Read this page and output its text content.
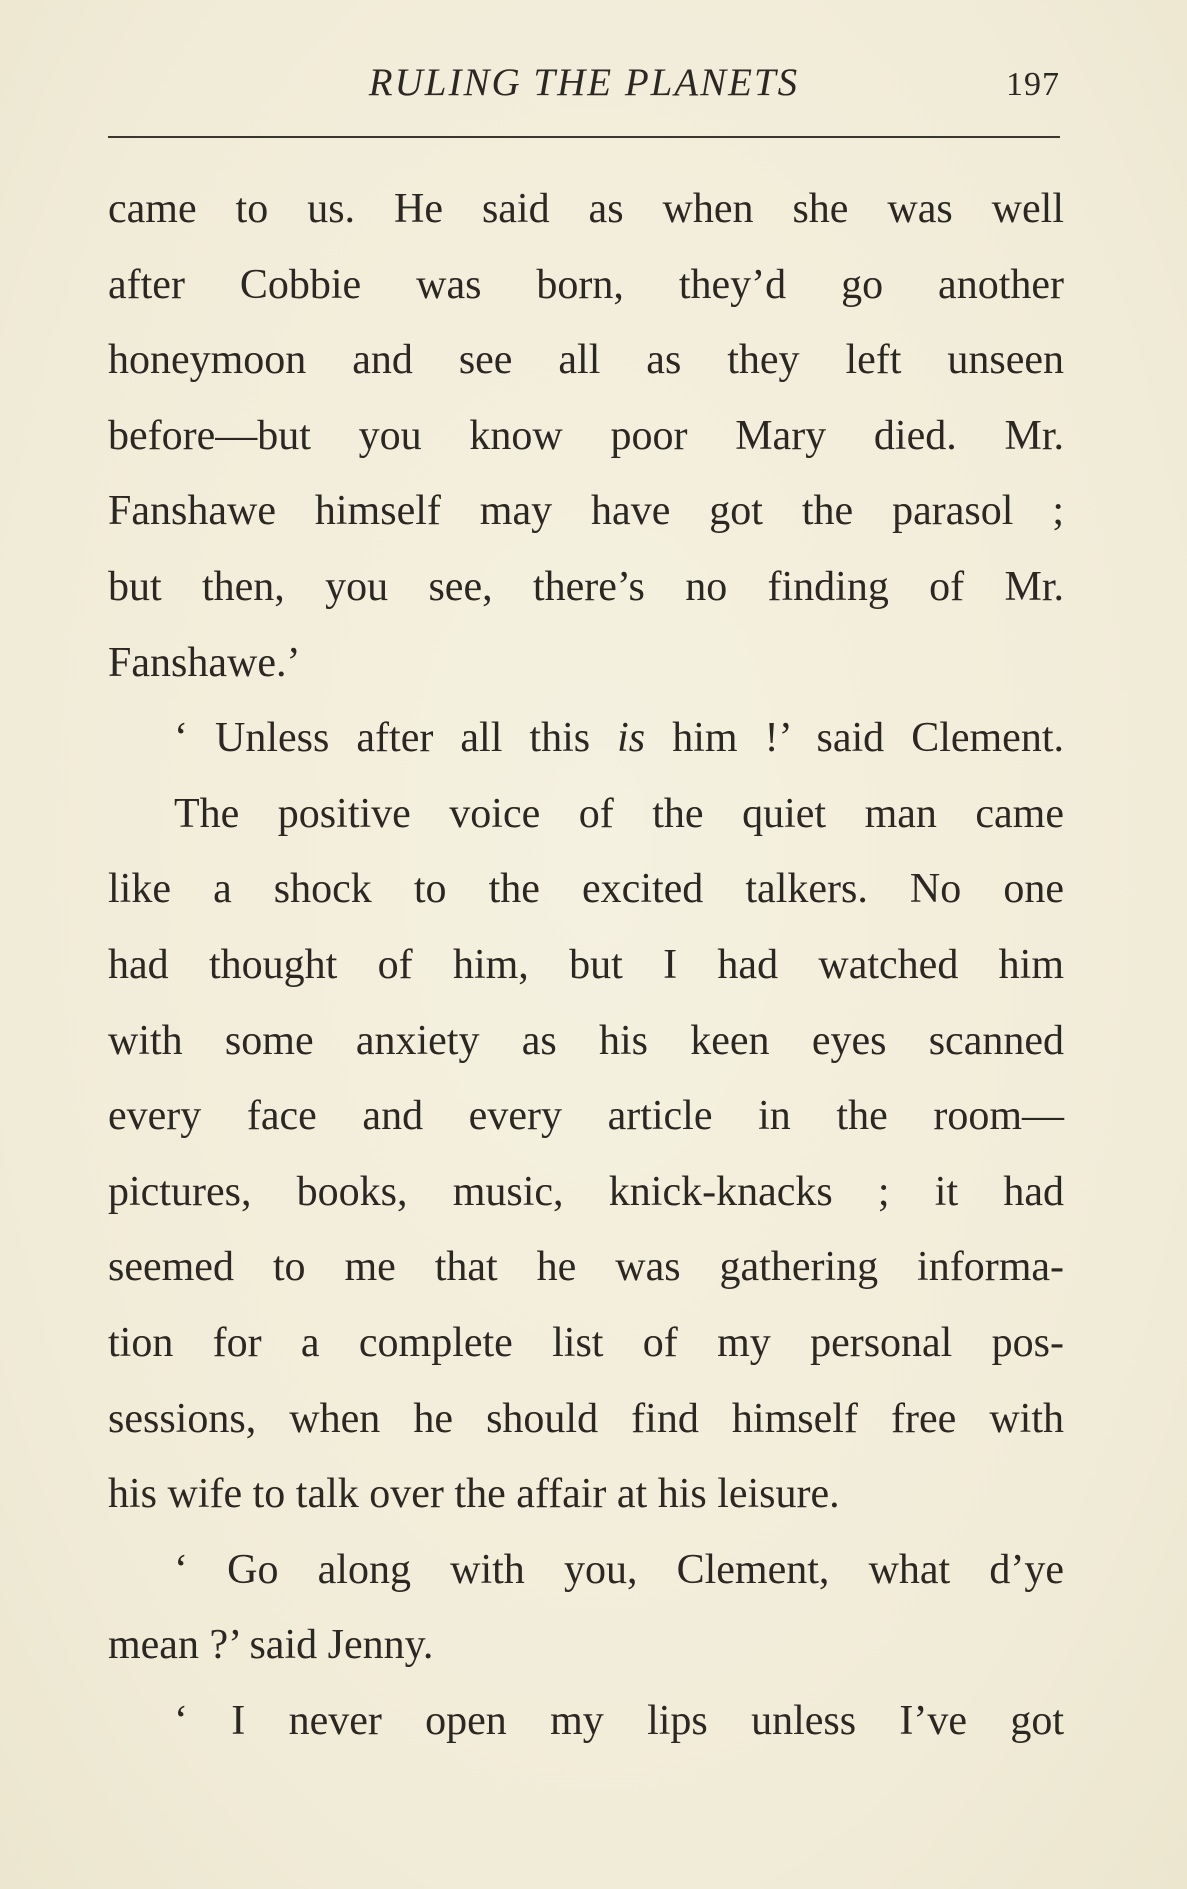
RULING THE PLANETS	197
came to us. He said as when she was well
after Cobbie was born, they’d go another
honeymoon and see all as they left unseen
before—but you know poor Mary died. Mr.
Fanshawe himself may have got the parasol ;
but then, you see, there’s no finding of Mr.
Fanshawe.’
‘ Unless after all this is him !’ said Clement.
The positive voice of the quiet man came
like a shock to the excited talkers. No one
had thought of him, but I had watched him
with some anxiety as his keen eyes scanned
every face and every article in the room—
pictures, books, music, knick-knacks ; it had
seemed to me that he was gathering informa-
tion for a complete list of my personal pos-
sessions, when he should find himself free with
his wife to talk over the affair at his leisure.
‘ Go along with you, Clement, what d’ye
mean ?’ said Jenny.
‘ I never open my lips unless I’ve got
